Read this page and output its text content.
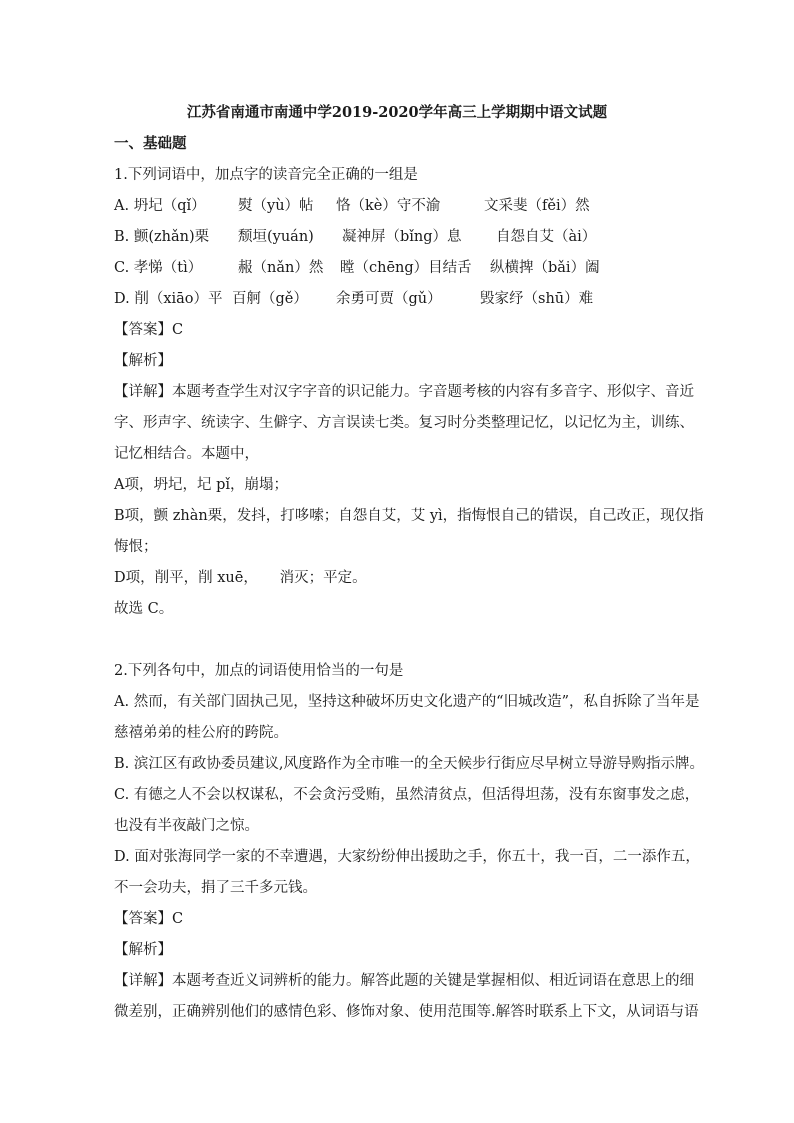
江苏省南通市南通中学2019-2020学年高三上学期期中语文试题
一、基础题
1.下列词语中，加点字的读音完全正确的一组是
A. 坍圮（qǐ） 熨（yù）帖 恪（kè）守不渝	文采斐（fěi）然
B. 颤(zhǎn)栗 颓垣(yuán) 凝神屏（bǐng）息 自怨自艾（ài）
C. 孝悌（tì） 赧（nǎn）然 瞠（chēng）目结舌 纵横捭（bǎi）阖
D. 削（xiāo）平 百舸（gě） 余勇可贾（gǔ）	毁家纾（shū）难
【答案】C
【解析】
【详解】本题考查学生对汉字字音的识记能力。字音题考核的内容有多音字、形似字、音近
字、形声字、统读字、生僻字、方言误读七类。复习时分类整理记忆，以记忆为主，训练、
记忆相结合。本题中，
A项，坍圮，圮 pǐ，崩塌；
B项，颤 zhàn栗，发抖，打哆嗦；自怨自艾，艾 yì，指悔恨自己的错误，自己改正，现仅指
悔恨；
D项，削平，削 xuē，　　消灭；平定。
故选 C。
2.下列各句中，加点的词语使用恰当的一句是
A. 然而，有关部门固执己见，坚持这种破坏历史文化遗产的“旧城改造”，私自拆除了当年是
慈禧弟弟的桂公府的跨院。
B. 滨江区有政协委员建议,风度路作为全市唯一的全天候步行街应尽早树立导游导购指示牌。
C. 有德之人不会以权谋私，不会贪污受贿，虽然清贫点，但活得坦荡，没有东窗事发之虑，
也没有半夜敲门之惊。
D. 面对张海同学一家的不幸遭遇，大家纷纷伸出援助之手，你五十，我一百，二一添作五，
不一会功夫，捐了三千多元钱。
【答案】C
【解析】
【详解】本题考查近义词辨析的能力。解答此题的关键是掌握相似、相近词语在意思上的细
微差别，正确辨别他们的感情色彩、修饰对象、使用范围等.解答时联系上下文，从词语与语
